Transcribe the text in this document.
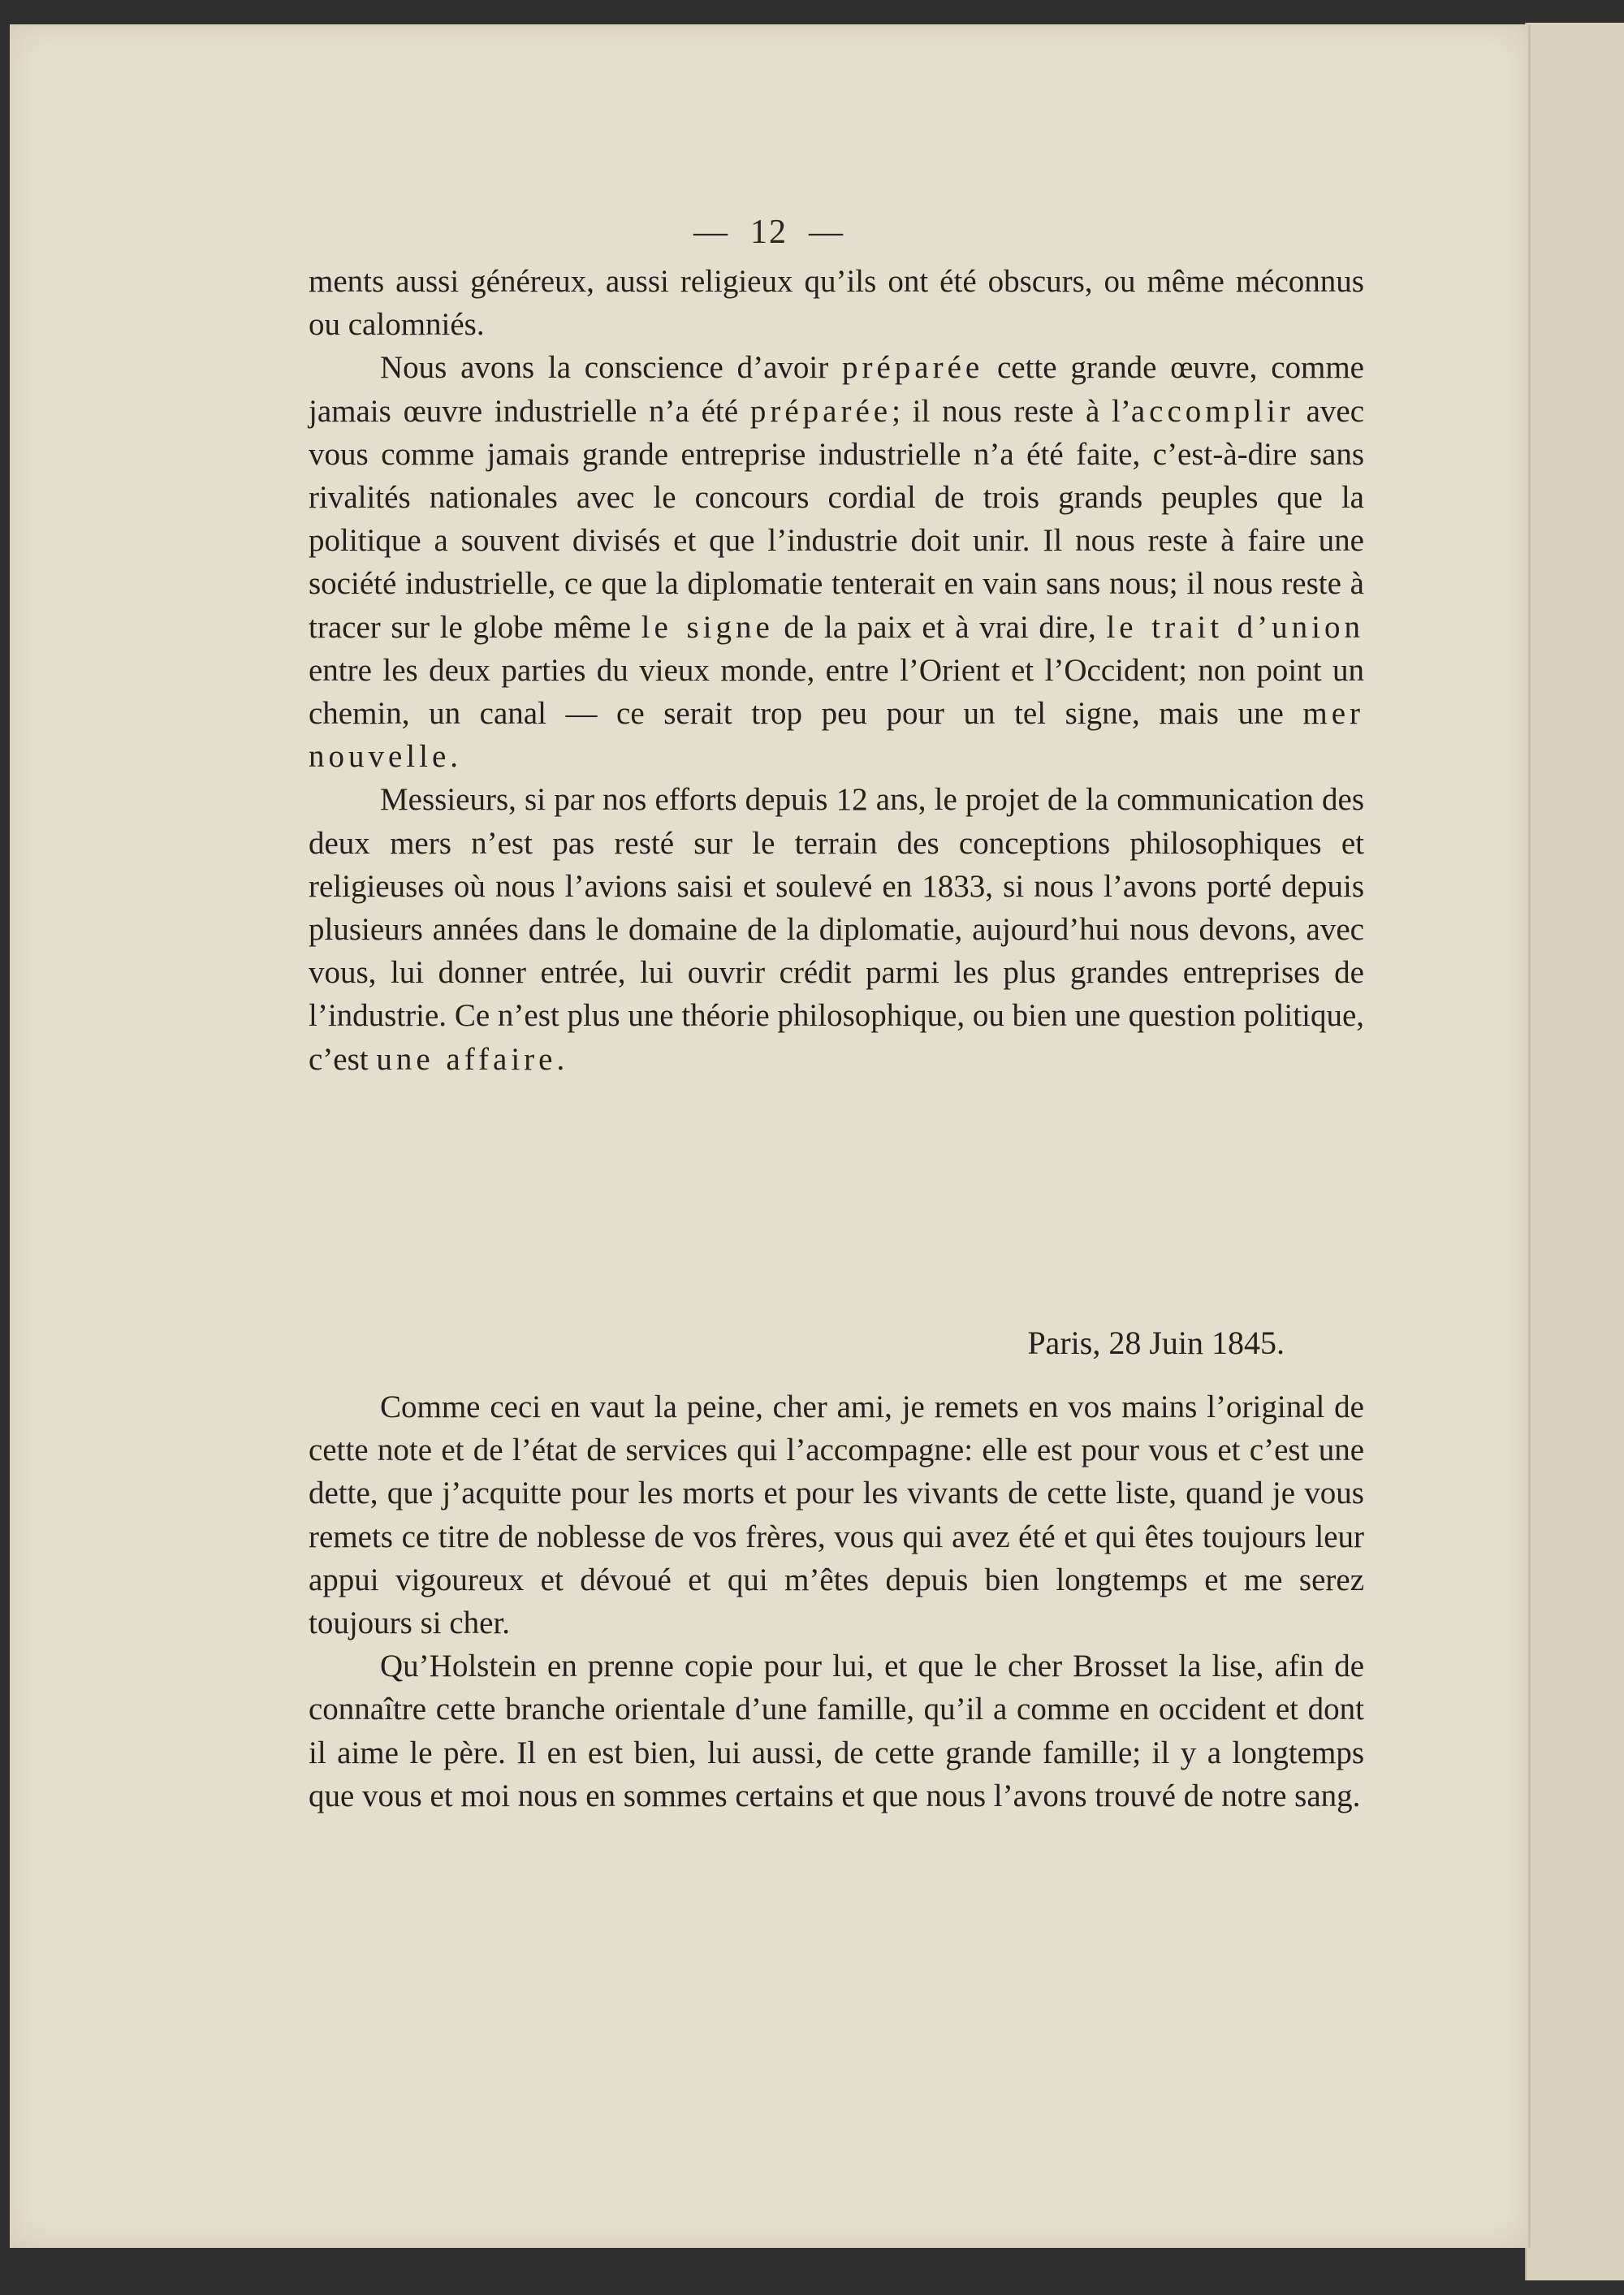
— 12 —

ments aussi généreux, aussi religieux qu’ils ont été obscurs, ou même méconnus ou calomniés.

Nous avons la conscience d’avoir préparée cette grande œuvre, comme jamais œuvre industrielle n’a été préparée; il nous reste à l’accomplir avec vous comme jamais grande entreprise industrielle n’a été faite, c’est-à-dire sans rivalités nationales avec le concours cordial de trois grands peuples que la politique a souvent divisés et que l’industrie doit unir. Il nous reste à faire une société industrielle, ce que la diplomatie tenterait en vain sans nous; il nous reste à tracer sur le globe même le signe de la paix et à vrai dire, le trait d’union entre les deux parties du vieux monde, entre l’Orient et l’Occident; non point un chemin, un canal — ce serait trop peu pour un tel signe, mais une mer nouvelle.

Messieurs, si par nos efforts depuis 12 ans, le projet de la communication des deux mers n’est pas resté sur le terrain des conceptions philosophiques et religieuses où nous l’avions saisi et soulevé en 1833, si nous l’avons porté depuis plusieurs années dans le domaine de la diplomatie, aujourd’hui nous devons, avec vous, lui donner entrée, lui ouvrir crédit parmi les plus grandes entreprises de l’industrie. Ce n’est plus une théorie philosophique, ou bien une question politique, c’est une affaire.

Paris, 28 Juin 1845.

Comme ceci en vaut la peine, cher ami, je remets en vos mains l’original de cette note et de l’état de services qui l’accompagne: elle est pour vous et c’est une dette, que j’acquitte pour les morts et pour les vivants de cette liste, quand je vous remets ce titre de noblesse de vos frères, vous qui avez été et qui êtes toujours leur appui vigoureux et dévoué et qui m’êtes depuis bien longtemps et me serez toujours si cher.

Qu’Holstein en prenne copie pour lui, et que le cher Brosset la lise, afin de connaître cette branche orientale d’une famille, qu’il a comme en occident et dont il aime le père. Il en est bien, lui aussi, de cette grande famille; il y a longtemps que vous et moi nous en sommes certains et que nous l’avons trouvé de notre sang.
